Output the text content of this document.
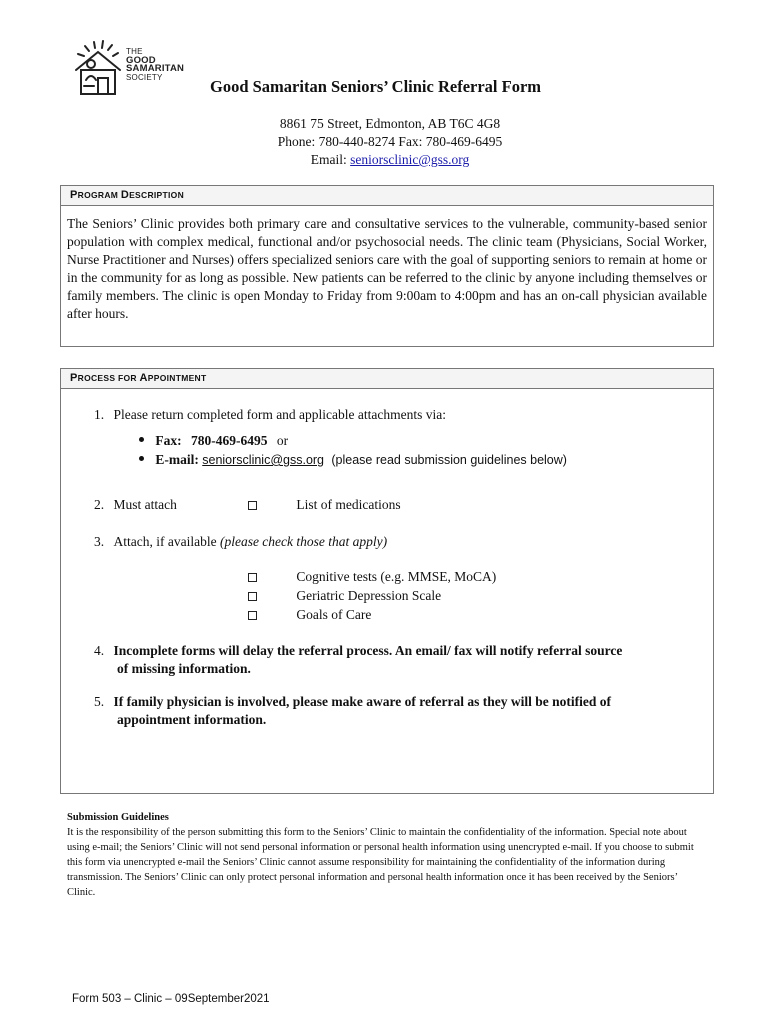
THE
GOOD
SAMARITAN
SOCIETY	Good Samaritan Seniors’ Clinic Referral Form
8861 75 Street, Edmonton, AB T6C 4G8
Phone: 780-440-8274 Fax: 780-469-6495
Email: seniorsclinic@gss.org
PROGRAM DESCRIPTION
The Seniors’ Clinic provides both primary care and consultative services to the vulnerable, community-based senior population with complex medical, functional and/or psychosocial needs. The clinic team (Physicians, Social Worker, Nurse Practitioner and Nurses) offers specialized seniors care with the goal of supporting seniors to remain at home or in the community for as long as possible. New patients can be referred to the clinic by anyone including themselves or family members. The clinic is open Monday to Friday from 9:00am to 4:00pm and has an on-call physician available after hours.
PROCESS FOR APPOINTMENT
1. Please return completed form and applicable attachments via:
Fax: 780-469-6495 or
E-mail: seniorsclinic@gss.org (please read submission guidelines below)
2. Must attach	List of medications
3. Attach, if available (please check those that apply)
Cognitive tests (e.g. MMSE, MoCA)
Geriatric Depression Scale
Goals of Care
4. Incomplete forms will delay the referral process. An email/ fax will notify referral source
of missing information.
5. If family physician is involved, please make aware of referral as they will be notified of
appointment information.
Submission Guidelines
It is the responsibility of the person submitting this form to the Seniors’ Clinic to maintain the confidentiality of the information. Special note about using e-mail; the Seniors’ Clinic will not send personal information or personal health information using unencrypted e-mail. If you choose to submit this form via unencrypted e-mail the Seniors’ Clinic cannot assume responsibility for maintaining the confidentiality of the information during transmission. The Seniors’ Clinic can only protect personal information and personal health information once it has been received by the Seniors’ Clinic.
Form 503 – Clinic – 09September2021
